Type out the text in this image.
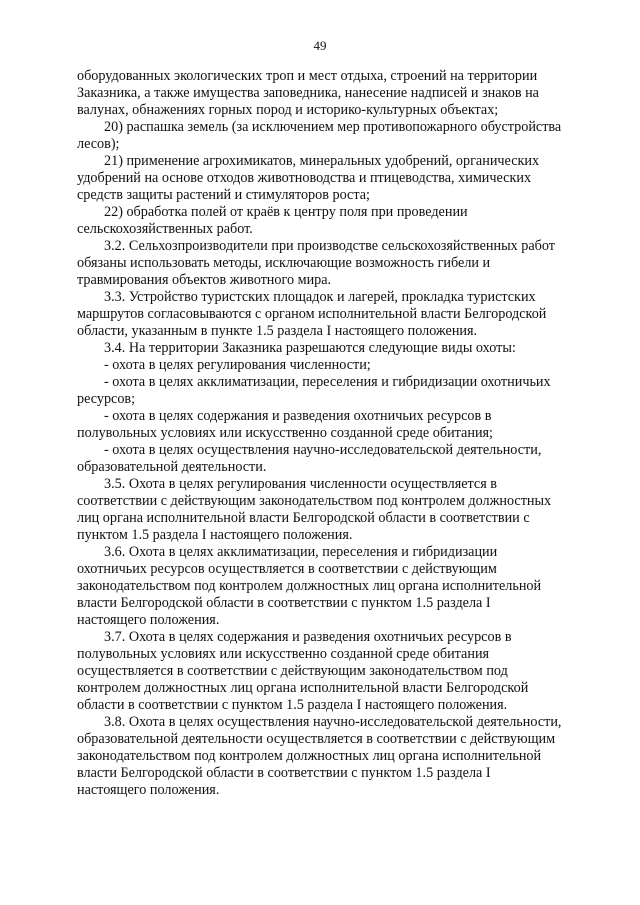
49

оборудованных экологических троп и мест отдыха, строений на территории
Заказника, а также имущества заповедника, нанесение надписей и знаков на
валунах, обнажениях горных пород и историко-культурных объектах;

20) распашка земель (за исключением мер противопожарного обустройства
лесов);

21) применение агрохимикатов, минеральных удобрений, органических
удобрений на основе отходов животноводства и птицеводства, химических
средств защиты растений и стимуляторов роста;

22) обработка полей от краёв к центру поля при проведении
сельскохозяйственных работ.

3.2. Сельхозпроизводители при производстве сельскохозяйственных работ
обязаны использовать методы, исключающие возможность гибели и
травмирования объектов животного мира.

3.3. Устройство туристских площадок и лагерей, прокладка туристских
маршрутов согласовываются с органом исполнительной власти Белгородской
области, указанным в пункте 1.5 раздела I настоящего положения.

3.4. На территории Заказника разрешаются следующие виды охоты:

- охота в целях регулирования численности;

- охота в целях акклиматизации, переселения и гибридизации охотничьих
ресурсов;

- охота в целях содержания и разведения охотничьих ресурсов в
полувольных условиях или искусственно созданной среде обитания;

- охота в целях осуществления научно-исследовательской деятельности,
образовательной деятельности.

3.5. Охота в целях регулирования численности осуществляется в
соответствии с действующим законодательством под контролем должностных
лиц органа исполнительной власти Белгородской области в соответствии с
пунктом 1.5 раздела I настоящего положения.

3.6. Охота в целях акклиматизации, переселения и гибридизации
охотничьих ресурсов осуществляется в соответствии с действующим
законодательством под контролем должностных лиц органа исполнительной
власти Белгородской области в соответствии с пунктом 1.5 раздела I
настоящего положения.

3.7. Охота в целях содержания и разведения охотничьих ресурсов в
полувольных условиях или искусственно созданной среде обитания
осуществляется в соответствии с действующим законодательством под
контролем должностных лиц органа исполнительной власти Белгородской
области в соответствии с пунктом 1.5 раздела I настоящего положения.

3.8. Охота в целях осуществления научно-исследовательской деятельности,
образовательной деятельности осуществляется в соответствии с действующим
законодательством под контролем должностных лиц органа исполнительной
власти Белгородской области в соответствии с пунктом 1.5 раздела I
настоящего положения.
